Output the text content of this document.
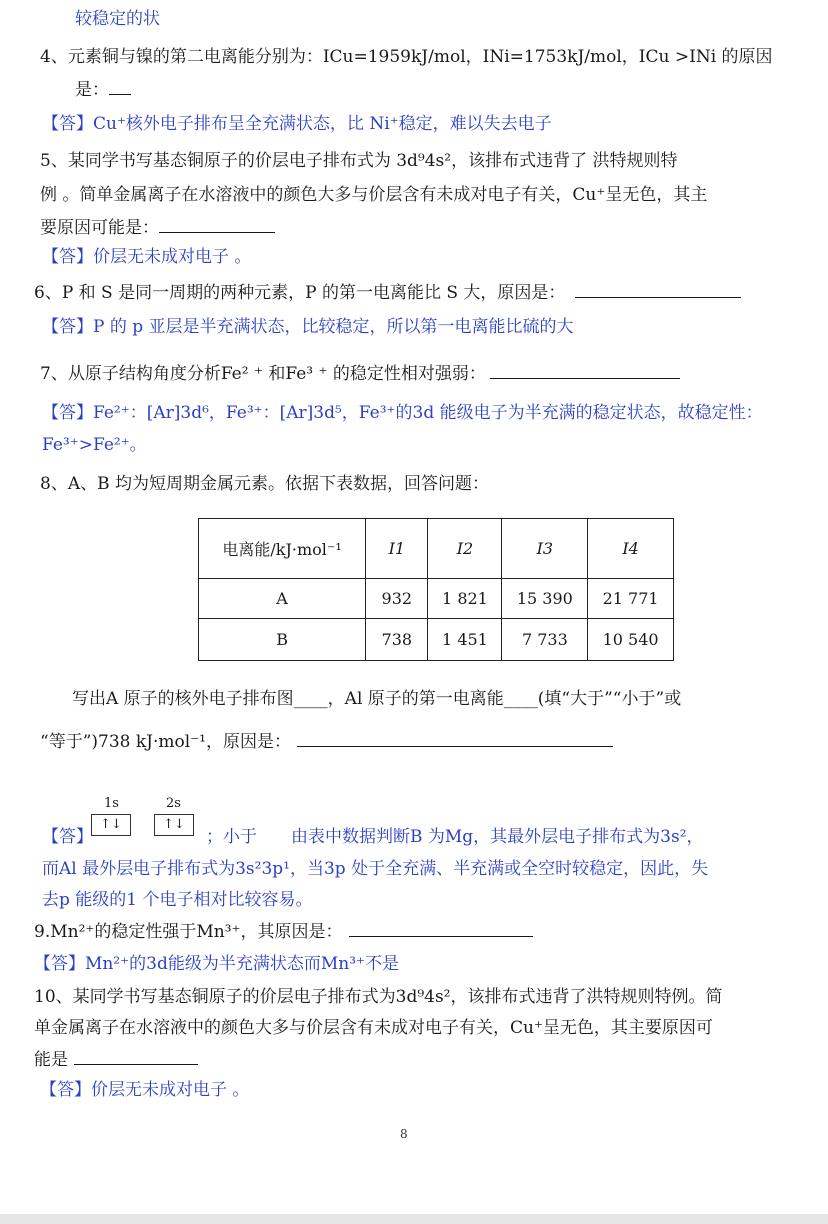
较稳定的状
4、元素铜与镍的第二电离能分别为：ICu=1959kJ/mol，INi=1753kJ/mol，ICu >INi 的原因
是：
【答】Cu⁺核外电子排布呈全充满状态，比 Ni⁺稳定，难以失去电子
5、某同学书写基态铜原子的价层电子排布式为 3d⁹4s²，该排布式违背了 洪特规则特
例 。简单金属离子在水溶液中的颜色大多与价层含有未成对电子有关，Cu⁺呈无色，其主
要原因可能是：
【答】价层无未成对电子 。
6、P 和 S 是同一周期的两种元素，P 的第一电离能比 S 大，原因是：
【答】P 的 p 亚层是半充满状态，比较稳定，所以第一电离能比硫的大
7、从原子结构角度分析Fe² ⁺ 和Fe³ ⁺ 的稳定性相对强弱：
【答】Fe²⁺：[Ar]3d⁶，Fe³⁺：[Ar]3d⁵，Fe³⁺的3d 能级电子为半充满的稳定状态，故稳定性：
Fe³⁺>Fe²⁺。
8、A、B 均为短周期金属元素。依据下表数据，回答问题：
电离能/kJ·mol⁻¹	I1	I2	I3	I4
A	932	1 821	15 390	21 771
B	738	1 451	7 733	10 540
写出A 原子的核外电子排布图____，Al 原子的第一电离能____(填“大于”“小于”或
“等于”)738 kJ·mol⁻¹，原因是：
1s	2s
↑↓	↑↓
【答】	；小于　　由表中数据判断B 为Mg，其最外层电子排布式为3s²，
而Al 最外层电子排布式为3s²3p¹，当3p 处于全充满、半充满或全空时较稳定，因此，失
去p 能级的1 个电子相对比较容易。
9.Mn²⁺的稳定性强于Mn³⁺，其原因是：
【答】Mn²⁺的3d能级为半充满状态而Mn³⁺不是
10、某同学书写基态铜原子的价层电子排布式为3d⁹4s²，该排布式违背了洪特规则特例。简
单金属离子在水溶液中的颜色大多与价层含有未成对电子有关，Cu⁺呈无色，其主要原因可
能是
【答】价层无未成对电子 。
8
